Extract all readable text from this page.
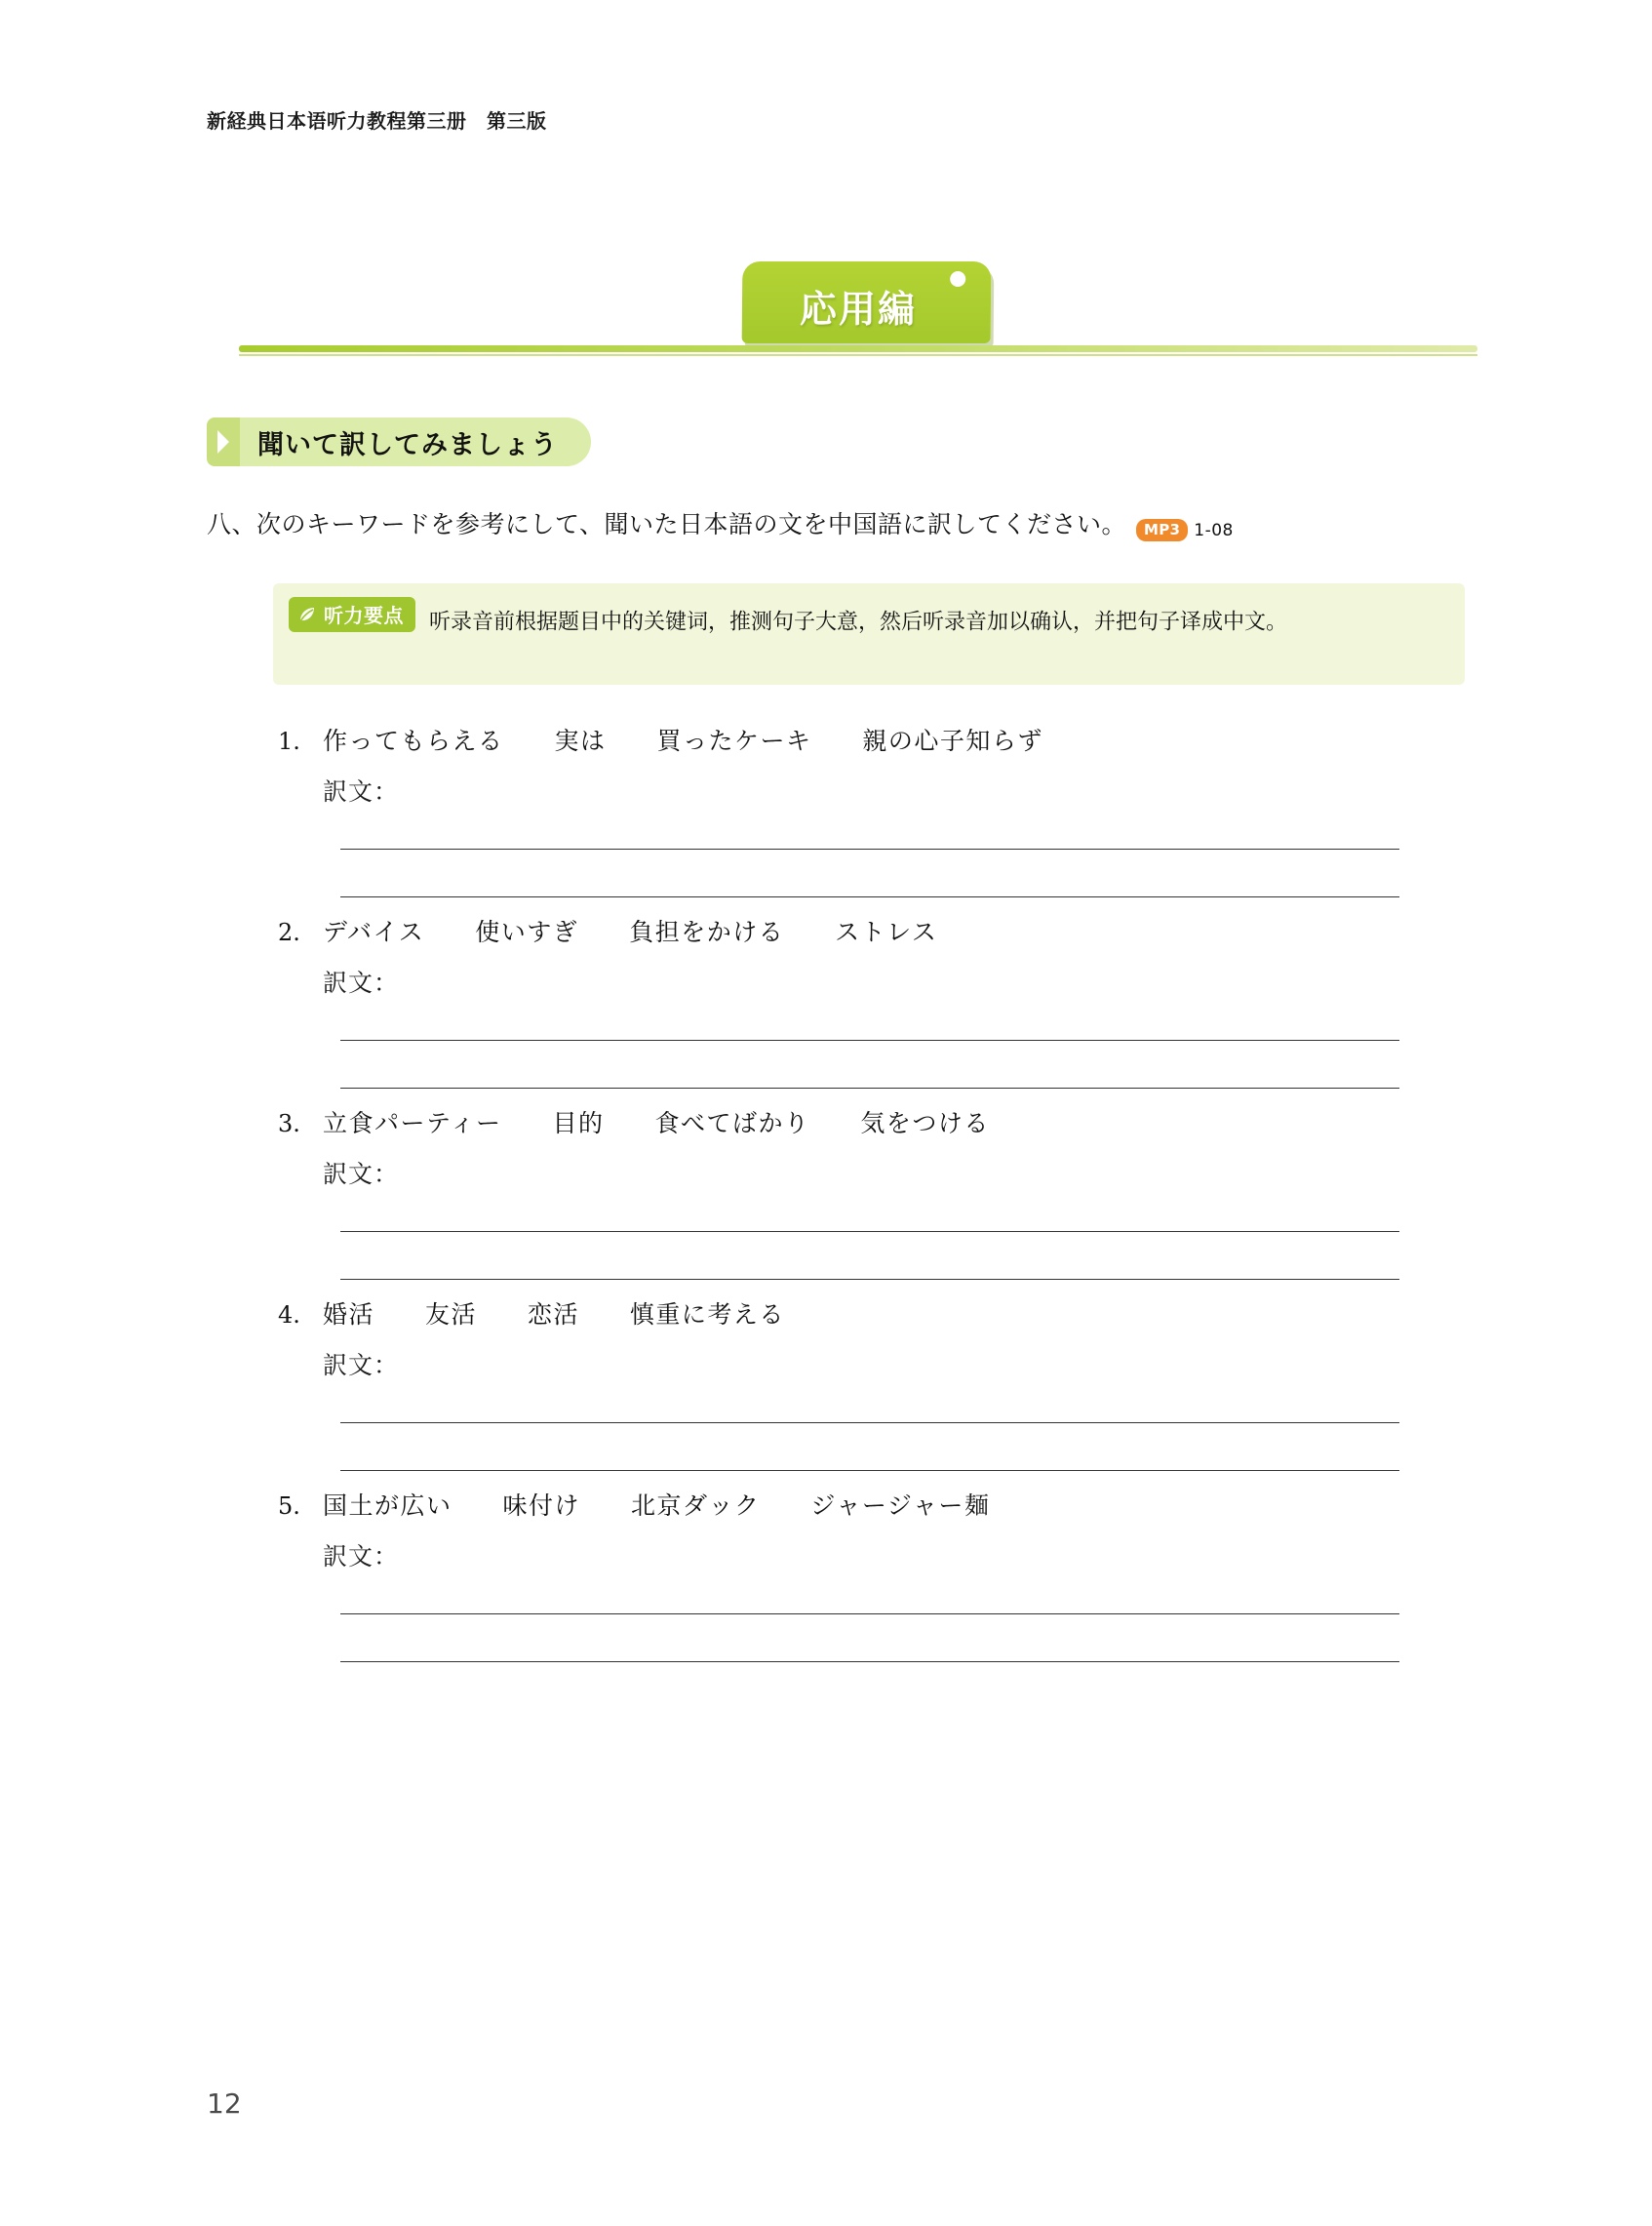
新経典日本语听力教程第三册　第三版
応用編
聞いて訳してみましょう
八、次のキーワードを参考にして、聞いた日本語の文を中国語に訳してください。	MP3 1-08
听力要点 听录音前根据题目中的关键词，推测句子大意，然后听录音加以确认，并把句子译成中文。
1. 作ってもらえる 実は 買ったケーキ 親の心子知らず
訳文：
2. デバイス 使いすぎ 負担をかける ストレス
訳文：
3. 立食パーティー 目的 食べてばかり 気をつける
訳文：
4. 婚活 友活 恋活 慎重に考える
訳文：
5. 国土が広い 味付け 北京ダック ジャージャー麺
訳文：
12
